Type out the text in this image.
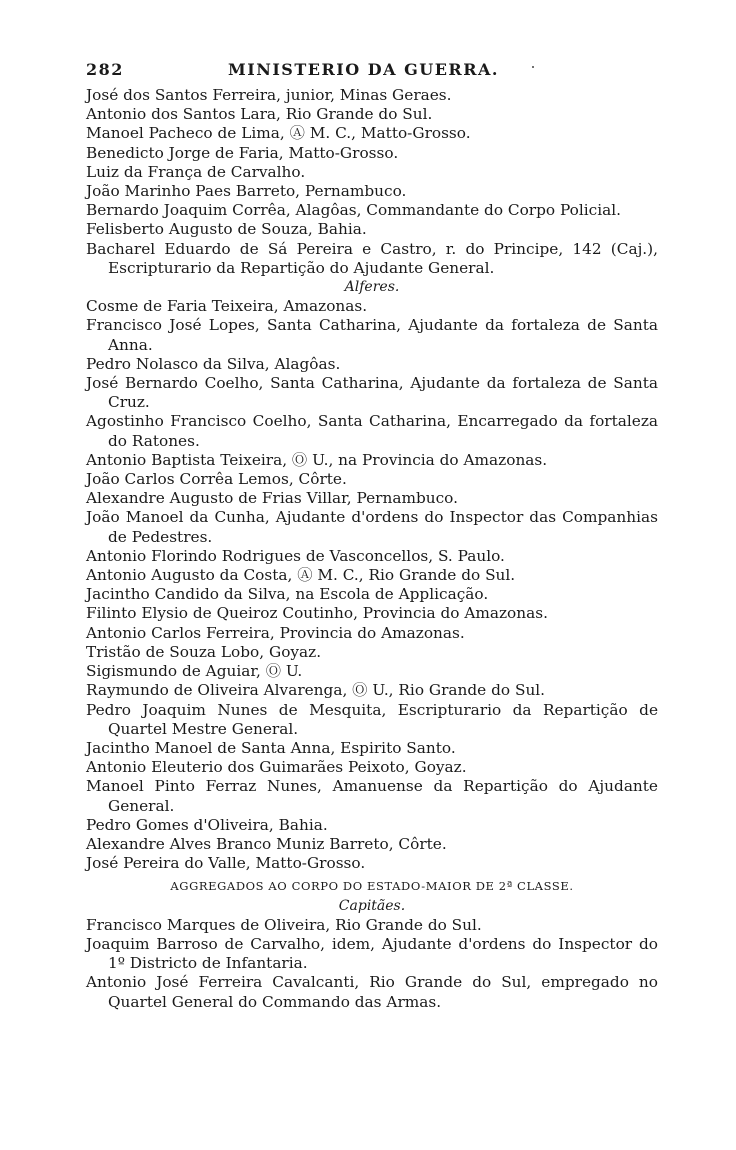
282	MINISTERIO DA GUERRA.

José dos Santos Ferreira, junior, Minas Geraes.

Antonio dos Santos Lara, Rio Grande do Sul.

Manoel Pacheco de Lima, Ⓐ M. C., Matto-Grosso.

Benedicto Jorge de Faria, Matto-Grosso.

Luiz da França de Carvalho.

João Marinho Paes Barreto, Pernambuco.

Bernardo Joaquim Corrêa, Alagôas, Commandante do Corpo Policial.

Felisberto Augusto de Souza, Bahia.

Bacharel Eduardo de Sá Pereira e Castro, r. do Principe, 142 (Caj.), Escripturario da Repartição do Ajudante General.

Alferes.

Cosme de Faria Teixeira, Amazonas.

Francisco José Lopes, Santa Catharina, Ajudante da fortaleza de Santa Anna.

Pedro Nolasco da Silva, Alagôas.

José Bernardo Coelho, Santa Catharina, Ajudante da fortaleza de Santa Cruz.

Agostinho Francisco Coelho, Santa Catharina, Encarregado da fortaleza do Ratones.

Antonio Baptista Teixeira, Ⓞ U., na Provincia do Amazonas.

João Carlos Corrêa Lemos, Côrte.

Alexandre Augusto de Frias Villar, Pernambuco.

João Manoel da Cunha, Ajudante d'ordens do Inspector das Companhias de Pedestres.

Antonio Florindo Rodrigues de Vasconcellos, S. Paulo.

Antonio Augusto da Costa, Ⓐ M. C., Rio Grande do Sul.

Jacintho Candido da Silva, na Escola de Applicação.

Filinto Elysio de Queiroz Coutinho, Provincia do Amazonas.

Antonio Carlos Ferreira, Provincia do Amazonas.

Tristão de Souza Lobo, Goyaz.

Sigismundo de Aguiar, Ⓞ U.

Raymundo de Oliveira Alvarenga, Ⓞ U., Rio Grande do Sul.

Pedro Joaquim Nunes de Mesquita, Escripturario da Repartição de Quartel Mestre General.

Jacintho Manoel de Santa Anna, Espirito Santo.

Antonio Eleuterio dos Guimarães Peixoto, Goyaz.

Manoel Pinto Ferraz Nunes, Amanuense da Repartição do Ajudante General.

Pedro Gomes d'Oliveira, Bahia.

Alexandre Alves Branco Muniz Barreto, Côrte.

José Pereira do Valle, Matto-Grosso.

AGGREGADOS AO CORPO DO ESTADO-MAIOR DE 2ª CLASSE.

Capitães.

Francisco Marques de Oliveira, Rio Grande do Sul.

Joaquim Barroso de Carvalho, idem, Ajudante d'ordens do Inspector do 1º Districto de Infantaria.

Antonio José Ferreira Cavalcanti, Rio Grande do Sul, empregado no Quartel General do Commando das Armas.
